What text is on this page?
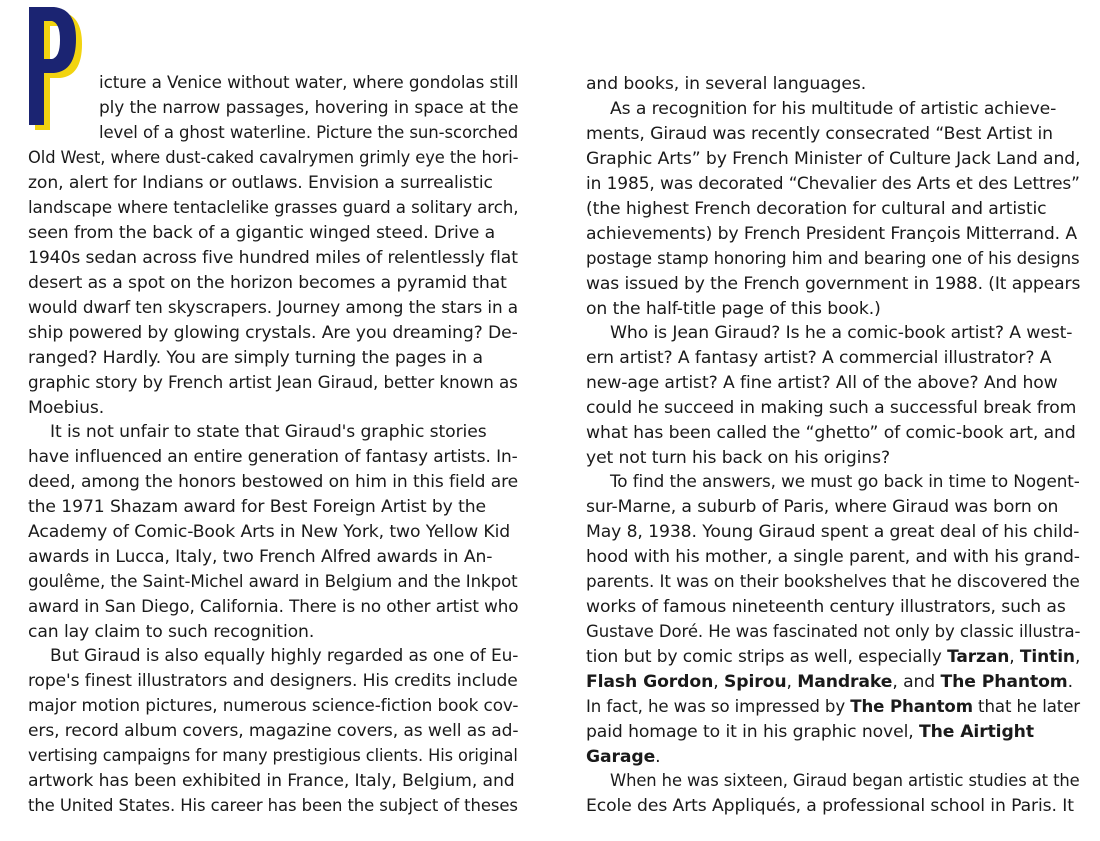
icture a Venice without water, where gondolas still
ply the narrow passages, hovering in space at the
level of a ghost waterline. Picture the sun-scorched
Old West, where dust-caked cavalrymen grimly eye the hori-
zon, alert for Indians or outlaws. Envision a surrealistic
landscape where tentaclelike grasses guard a solitary arch,
seen from the back of a gigantic winged steed. Drive a
1940s sedan across five hundred miles of relentlessly flat
desert as a spot on the horizon becomes a pyramid that
would dwarf ten skyscrapers. Journey among the stars in a
ship powered by glowing crystals. Are you dreaming? De-
ranged? Hardly. You are simply turning the pages in a
graphic story by French artist Jean Giraud, better known as
Moebius.
It is not unfair to state that Giraud's graphic stories
have influenced an entire generation of fantasy artists. In-
deed, among the honors bestowed on him in this field are
the 1971 Shazam award for Best Foreign Artist by the
Academy of Comic-Book Arts in New York, two Yellow Kid
awards in Lucca, Italy, two French Alfred awards in An-
goulême, the Saint-Michel award in Belgium and the Inkpot
award in San Diego, California. There is no other artist who
can lay claim to such recognition.
But Giraud is also equally highly regarded as one of Eu-
rope's finest illustrators and designers. His credits include
major motion pictures, numerous science-fiction book cov-
ers, record album covers, magazine covers, as well as ad-
vertising campaigns for many prestigious clients. His original
artwork has been exhibited in France, Italy, Belgium, and
the United States. His career has been the subject of theses
and books, in several languages.
As a recognition for his multitude of artistic achieve-
ments, Giraud was recently consecrated “Best Artist in
Graphic Arts” by French Minister of Culture Jack Land and,
in 1985, was decorated “Chevalier des Arts et des Lettres”
(the highest French decoration for cultural and artistic
achievements) by French President François Mitterrand. A
postage stamp honoring him and bearing one of his designs
was issued by the French government in 1988. (It appears
on the half-title page of this book.)
Who is Jean Giraud? Is he a comic-book artist? A west-
ern artist? A fantasy artist? A commercial illustrator? A
new-age artist? A fine artist? All of the above? And how
could he succeed in making such a successful break from
what has been called the “ghetto” of comic-book art, and
yet not turn his back on his origins?
To find the answers, we must go back in time to Nogent-
sur-Marne, a suburb of Paris, where Giraud was born on
May 8, 1938. Young Giraud spent a great deal of his child-
hood with his mother, a single parent, and with his grand-
parents. It was on their bookshelves that he discovered the
works of famous nineteenth century illustrators, such as
Gustave Doré. He was fascinated not only by classic illustra-
tion but by comic strips as well, especially Tarzan, Tintin,
Flash Gordon, Spirou, Mandrake, and The Phantom.
In fact, he was so impressed by The Phantom that he later
paid homage to it in his graphic novel, The Airtight
Garage.
When he was sixteen, Giraud began artistic studies at the
Ecole des Arts Appliqués, a professional school in Paris. It
